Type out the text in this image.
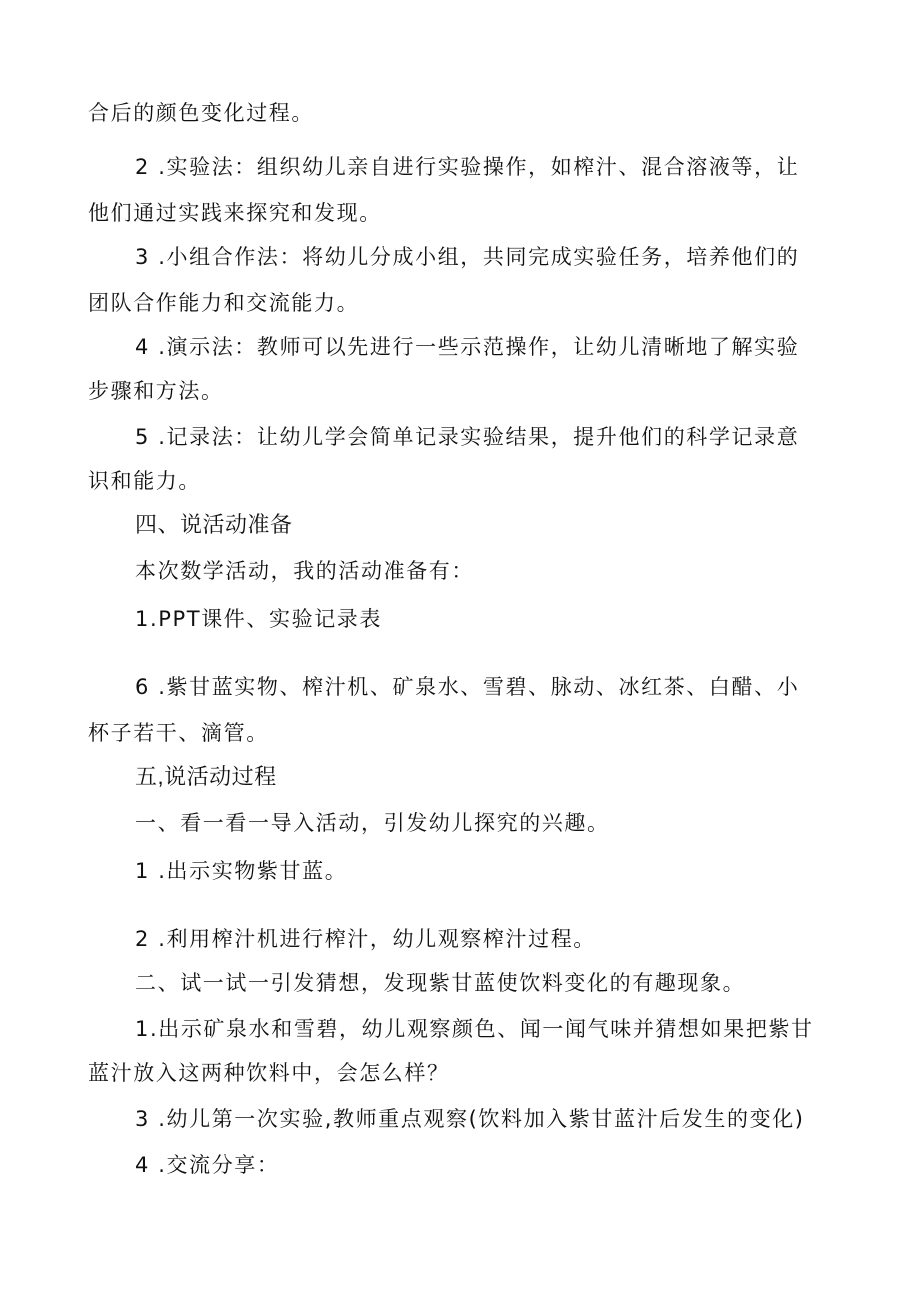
合后的颜色变化过程。
2 .实验法：组织幼儿亲自进行实验操作，如榨汁、混合溶液等，让
他们通过实践来探究和发现。
3 .小组合作法：将幼儿分成小组，共同完成实验任务，培养他们的
团队合作能力和交流能力。
4 .演示法：教师可以先进行一些示范操作，让幼儿清晰地了解实验
步骤和方法。
5 .记录法：让幼儿学会简单记录实验结果，提升他们的科学记录意
识和能力。
四、说活动准备
本次数学活动，我的活动准备有：
1.PPT课件、实验记录表
6 .紫甘蓝实物、榨汁机、矿泉水、雪碧、脉动、冰红茶、白醋、小
杯子若干、滴管。
五,说活动过程
一、看一看一导入活动，引发幼儿探究的兴趣。
1 .出示实物紫甘蓝。
2 .利用榨汁机进行榨汁，幼儿观察榨汁过程。
二、试一试一引发猜想，发现紫甘蓝使饮料变化的有趣现象。
1.出示矿泉水和雪碧，幼儿观察颜色、闻一闻气味并猜想如果把紫甘
蓝汁放入这两种饮料中，会怎么样？
3 .幼儿第一次实验,教师重点观察(饮料加入紫甘蓝汁后发生的变化)
4 .交流分享：
